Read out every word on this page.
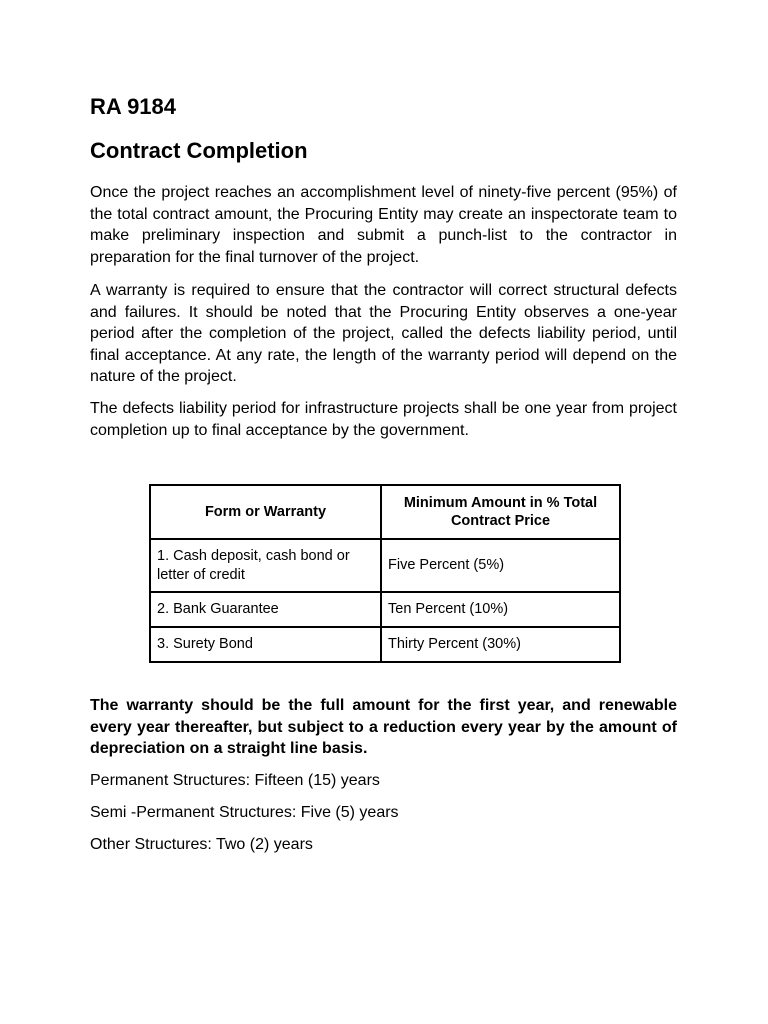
RA 9184
Contract Completion

Once the project reaches an accomplishment level of ninety-five percent (95%) of the total contract amount, the Procuring Entity may create an inspectorate team to make preliminary inspection and submit a punch-list to the contractor in preparation for the final turnover of the project.

A warranty is required to ensure that the contractor will correct structural defects and failures. It should be noted that the Procuring Entity observes a one-year period after the completion of the project, called the defects liability period, until final acceptance. At any rate, the length of the warranty period will depend on the nature of the project.

The defects liability period for infrastructure projects shall be one year from project completion up to final acceptance by the government.

Form or Warranty	Minimum Amount in % Total Contract Price
1. Cash deposit, cash bond or letter of credit	Five Percent (5%)
2. Bank Guarantee	Ten Percent (10%)
3. Surety Bond	Thirty Percent (30%)

The warranty should be the full amount for the first year, and renewable every year thereafter, but subject to a reduction every year by the amount of depreciation on a straight line basis.

Permanent Structures: Fifteen (15) years

Semi -Permanent Structures: Five (5) years

Other Structures: Two (2) years
